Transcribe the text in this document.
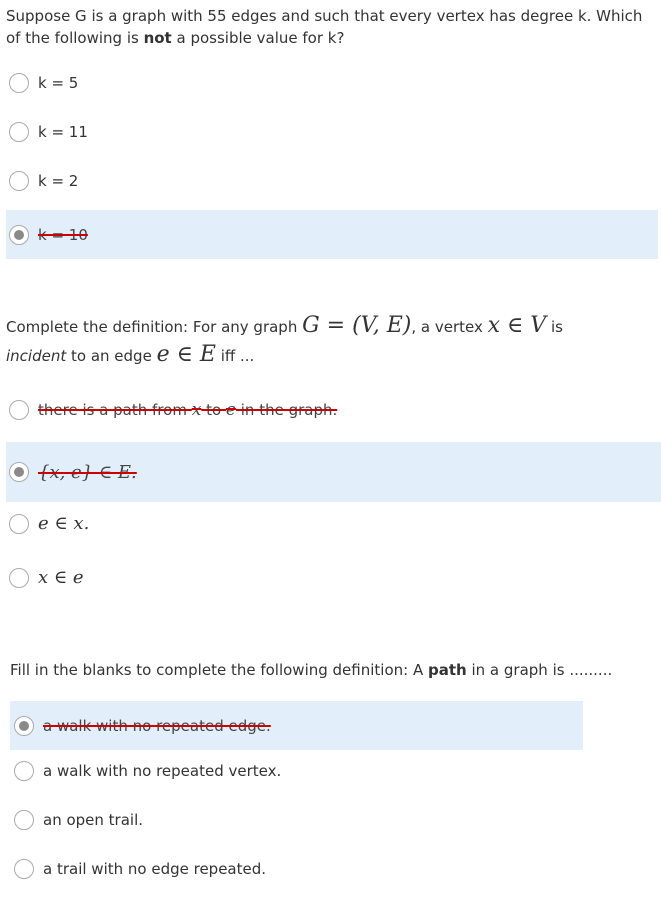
Suppose G is a graph with 55 edges and such that every vertex has degree k. Which of the following is not a possible value for k?
k = 5
k = 11
k = 2
k = 10
Complete the definition: For any graph G = (V, E), a vertex x ∈ V is
incident to an edge e ∈ E iff ...
there is a path from x to e in the graph.
{x, e} ∈ E.
e ∈ x.
x ∈ e
Fill in the blanks to complete the following definition: A path in a graph is .........
a walk with no repeated edge.
a walk with no repeated vertex.
an open trail.
a trail with no edge repeated.
